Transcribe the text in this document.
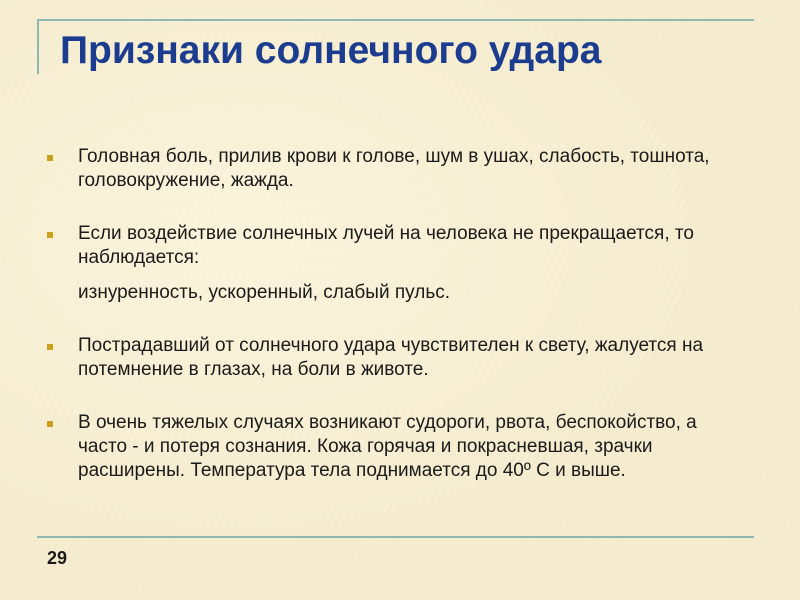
Признаки солнечного удара
Головная боль, прилив крови к голове, шум в ушах, слабость, тошнота, головокружение, жажда.
Если воздействие солнечных лучей на человека не прекращается, то наблюдается:
изнуренность, ускоренный, слабый пульс.
Пострадавший от солнечного удара чувствителен к свету, жалуется на потемнение в глазах, на боли в животе.
В очень тяжелых случаях возникают судороги, рвота, беспокойство, а часто - и потеря сознания. Кожа горячая и покрасневшая, зрачки расширены. Температура тела поднимается до 40º С и выше.
29
